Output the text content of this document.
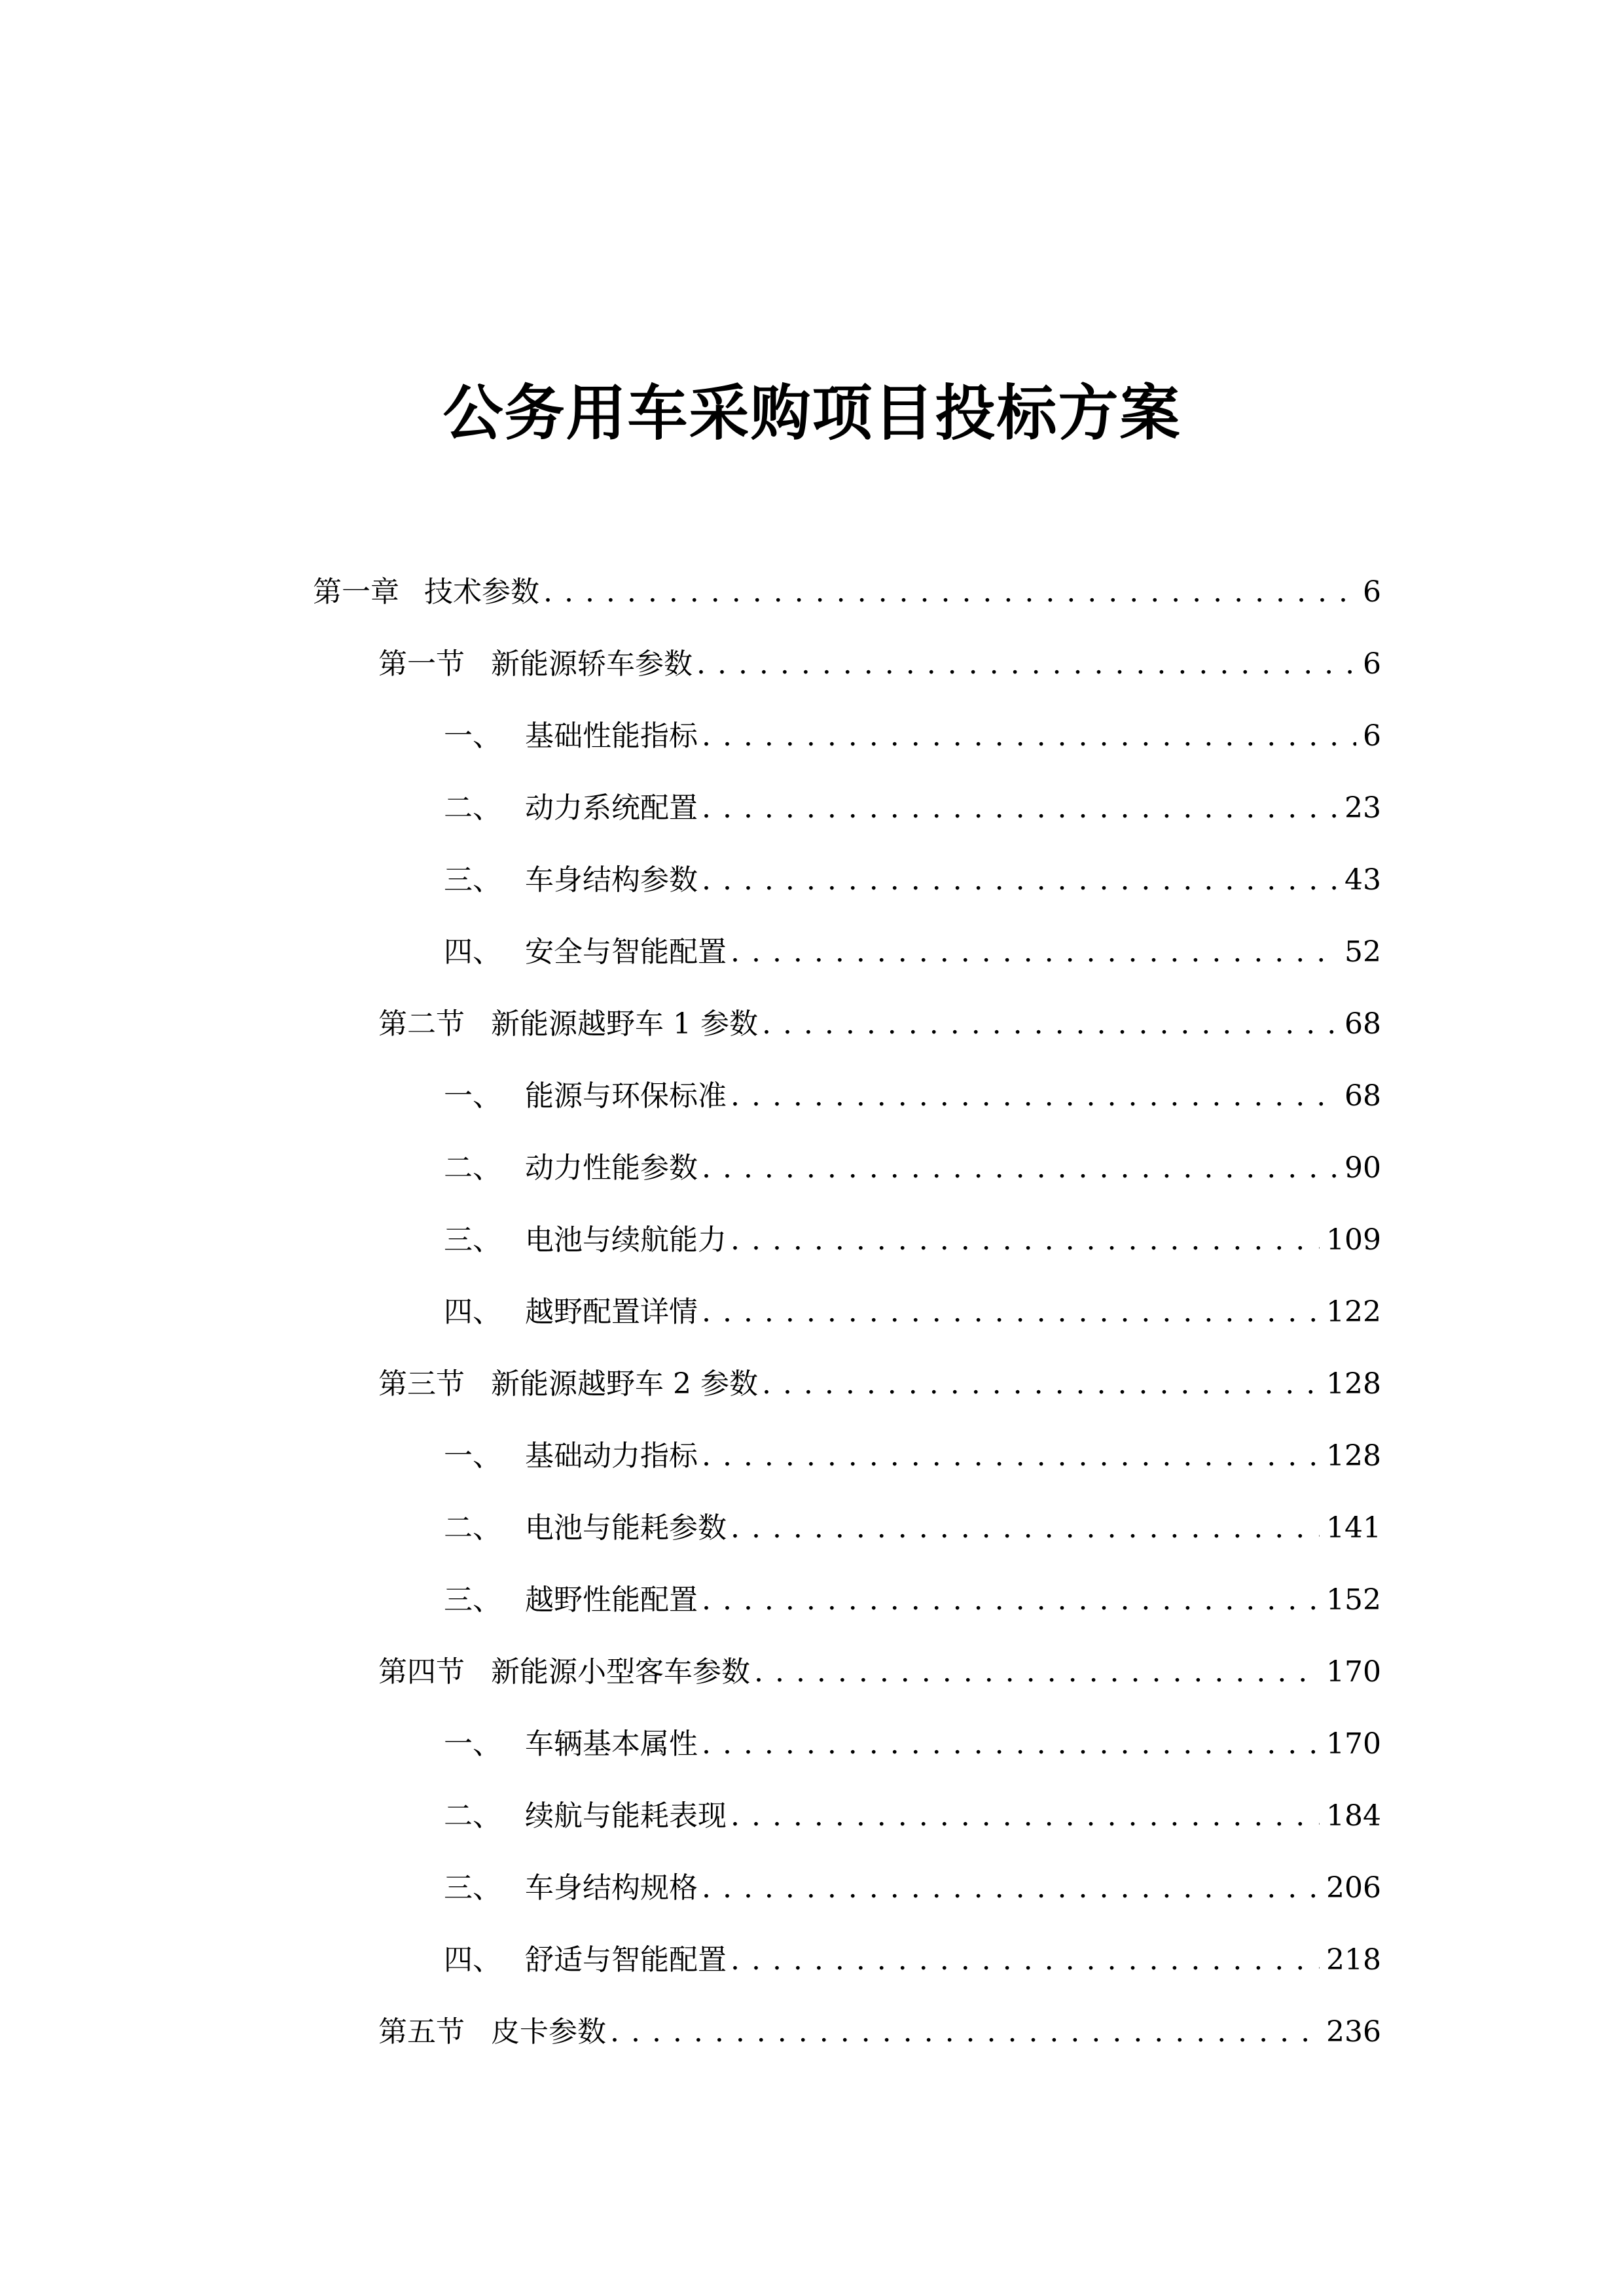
公务用车采购项目投标方案
第一章 技术参数 . . .	6
第一节 新能源轿车参数 . . .	6
一、 基础性能指标 . . .	6
二、 动力系统配置 . . .	23
三、 车身结构参数 . . .	43
四、 安全与智能配置 . . .	52
第二节 新能源越野车 1 参数 . . .	68
一、 能源与环保标准 . . .	68
二、 动力性能参数 . . .	90
三、 电池与续航能力 . . .	109
四、 越野配置详情 . . .	122
第三节 新能源越野车 2 参数 . . .	128
一、 基础动力指标 . . .	128
二、 电池与能耗参数 . . .	141
三、 越野性能配置 . . .	152
第四节 新能源小型客车参数 . . .	170
一、 车辆基本属性 . . .	170
二、 续航与能耗表现 . . .	184
三、 车身结构规格 . . .	206
四、 舒适与智能配置 . . .	218
第五节 皮卡参数 . . .	236
